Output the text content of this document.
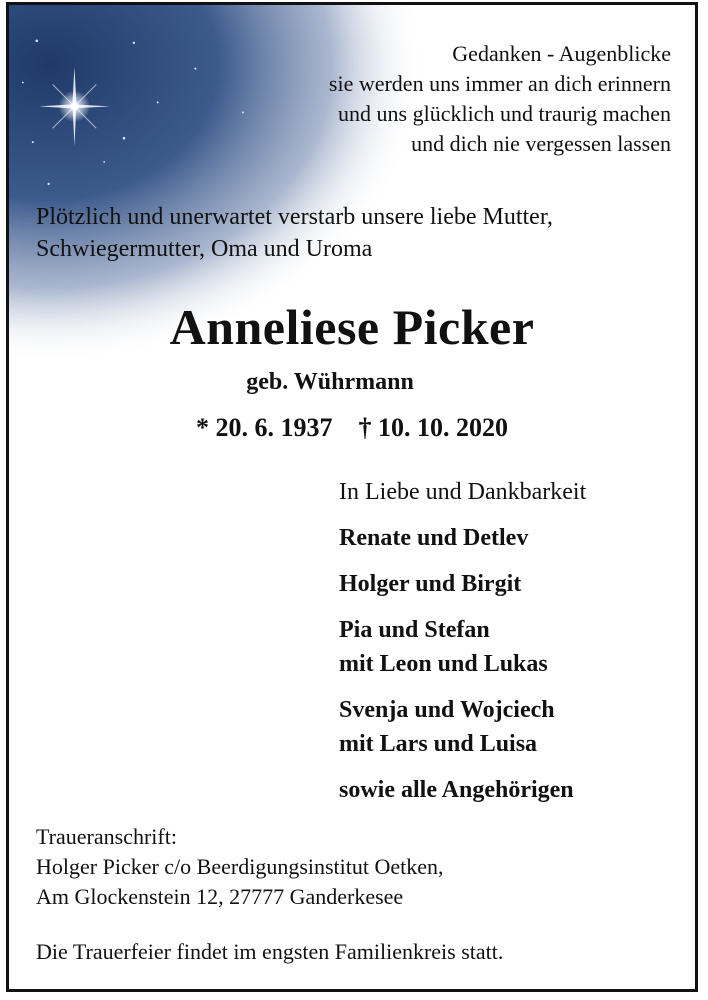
Gedanken - Augenblicke
sie werden uns immer an dich erinnern
und uns glücklich und traurig machen
und dich nie vergessen lassen
Plötzlich und unerwartet verstarb unsere liebe Mutter,
Schwiegermutter, Oma und Uroma
Anneliese Picker
geb. Wührmann
* 20. 6. 1937 † 10. 10. 2020
In Liebe und Dankbarkeit
Renate und Detlev
Holger und Birgit
Pia und Stefan
mit Leon und Lukas
Svenja und Wojciech
mit Lars und Luisa
sowie alle Angehörigen
Traueranschrift:
Holger Picker c/o Beerdigungsinstitut Oetken,
Am Glockenstein 12, 27777 Ganderkesee
Die Trauerfeier findet im engsten Familienkreis statt.
